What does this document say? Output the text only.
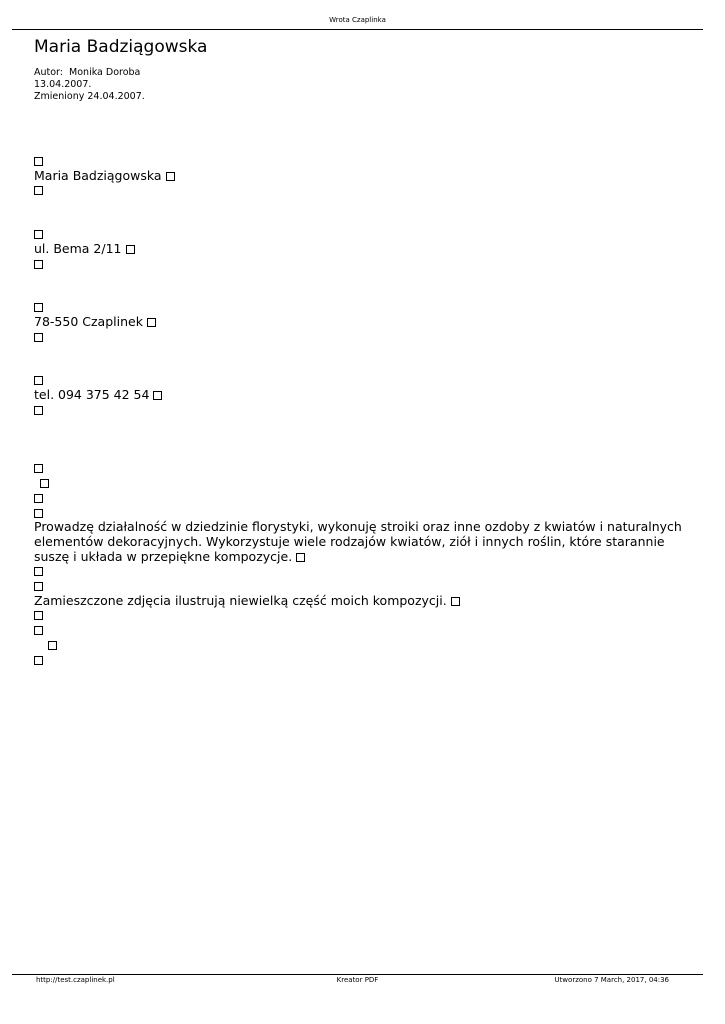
Wrota Czaplinka
Maria Badziągowska
Autor:  Monika Doroba
13.04.2007.
Zmieniony 24.04.2007.
Maria Badziągowska
ul. Bema 2/11
78-550 Czaplinek
tel. 094 375 42 54
Prowadzę działalność w dziedzinie florystyki, wykonuję stroiki oraz inne ozdoby z kwiatów i naturalnych elementów dekoracyjnych. Wykorzystuje wiele rodzajów kwiatów, ziół i innych roślin, które starannie suszę i układa w przepiękne kompozycje.
Zamieszczone zdjęcia ilustrują niewielką część moich kompozycji.
http://test.czaplinek.pl	Kreator PDF	Utworzono 7 March, 2017, 04:36
